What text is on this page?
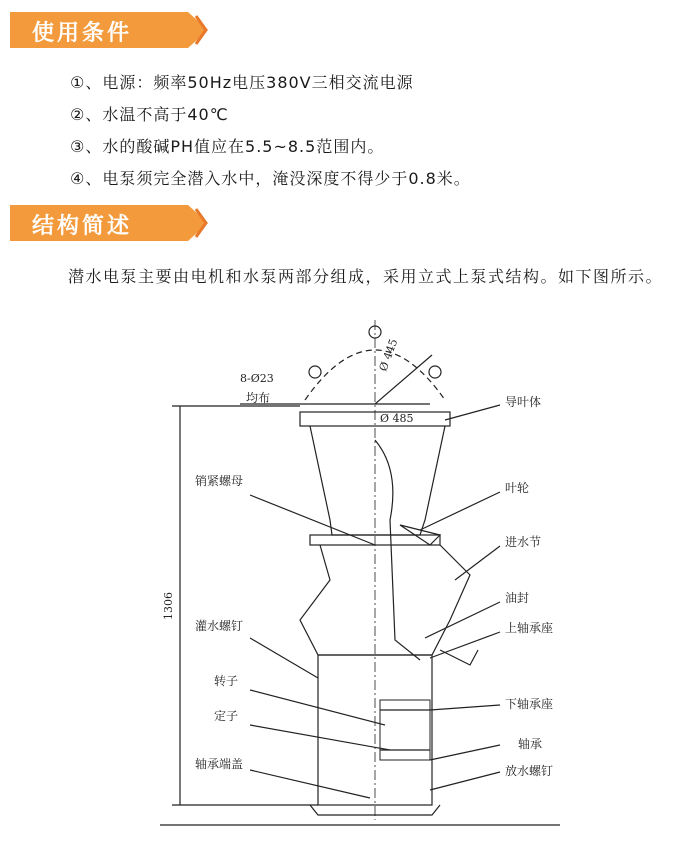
使用条件
①、电源：频率50Hz电压380V三相交流电源
②、水温不高于40℃
③、水的酸碱PH值应在5.5~8.5范围内。
④、电泵须完全潜入水中，淹没深度不得少于0.8米。
结构简述

潜水电泵主要由电机和水泵两部分组成，采用立式上泵式结构。如下图所示。

8-Ø23
均布
Ø 445
Ø 485
1306
销紧螺母
灌水螺钉
转子
定子
轴承端盖
导叶体
叶轮
进水节
油封
上轴承座
下轴承座
轴承
放水螺钉
